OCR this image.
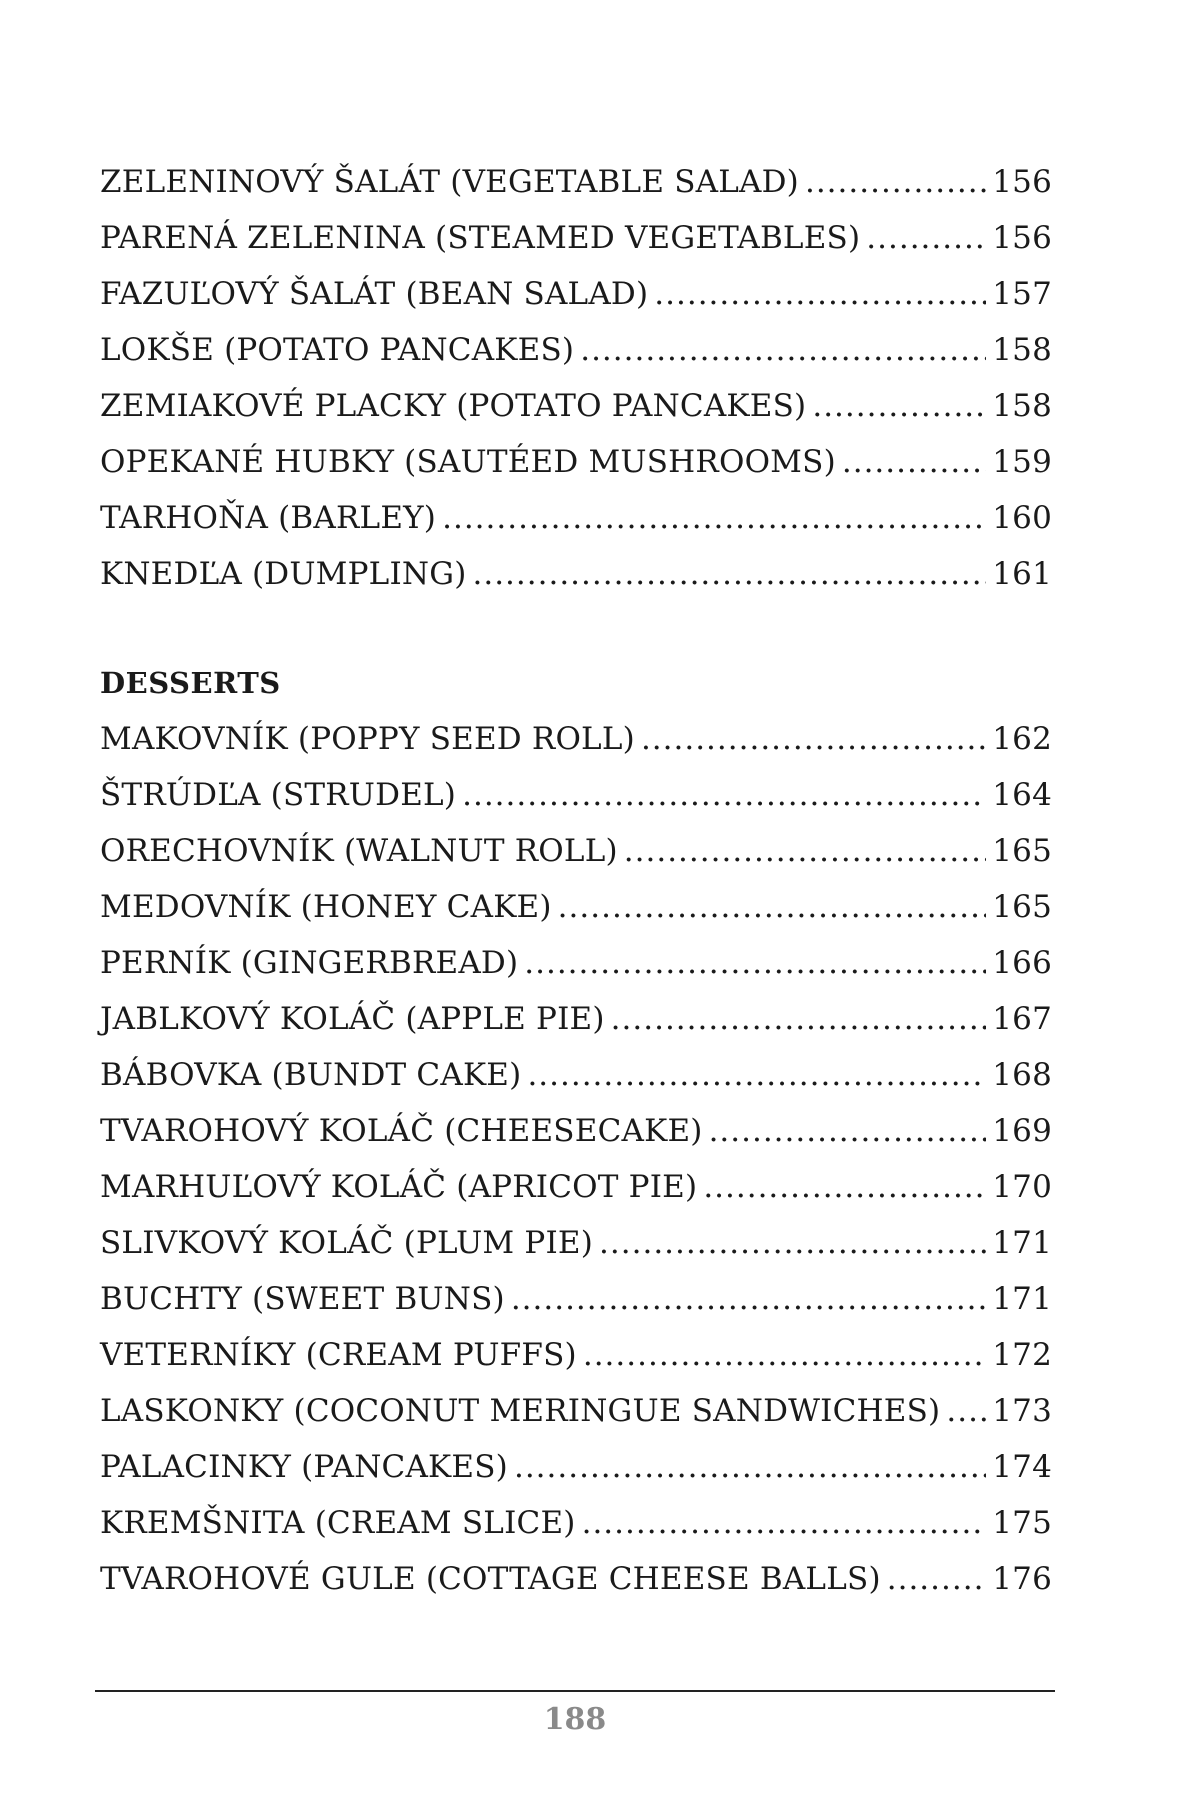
ZELENINOVÝ ŠALÁT (VEGETABLE SALAD) .....	156
PARENÁ ZELENINA (STEAMED VEGETABLES) .....	156
FAZUĽOVÝ ŠALÁT (BEAN SALAD) .....	157
LOKŠE (POTATO PANCAKES) .....	158
ZEMIAKOVÉ PLACKY (POTATO PANCAKES) .....	158
OPEKANÉ HUBKY (SAUTÉED MUSHROOMS) .....	159
TARHOŇA (BARLEY) .....	160
KNEDĽA (DUMPLING) .....	161
DESSERTS
MAKOVNÍK (POPPY SEED ROLL) .....	162
ŠTRÚDĽA (STRUDEL) .....	164
ORECHOVNÍK (WALNUT ROLL) .....	165
MEDOVNÍK (HONEY CAKE) .....	165
PERNÍK (GINGERBREAD) .....	166
JABLKOVÝ KOLÁČ (APPLE PIE) .....	167
BÁBOVKA (BUNDT CAKE) .....	168
TVAROHOVÝ KOLÁČ (CHEESECAKE) .....	169
MARHUĽOVÝ KOLÁČ (APRICOT PIE) .....	170
SLIVKOVÝ KOLÁČ (PLUM PIE) .....	171
BUCHTY (SWEET BUNS) .....	171
VETERNÍKY (CREAM PUFFS) .....	172
LASKONKY (COCONUT MERINGUE SANDWICHES) ..... 173
PALACINKY (PANCAKES) .....	174
KREMŠNITA (CREAM SLICE) .....	175
TVAROHOVÉ GULE (COTTAGE CHEESE BALLS) .....	176
188
